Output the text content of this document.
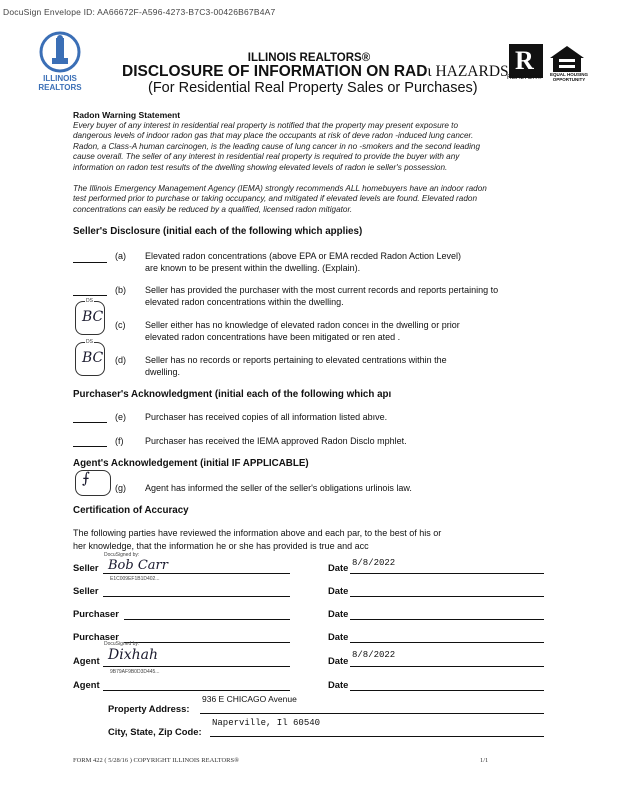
DocuSign Envelope ID: AA66672F-A596-4273-B7C3-00426B67B4A7
ILLINOIS
REALTORS
ILLINOIS REALTORS®
DISCLOSURE OF INFORMATION ON RADι HAZARDS
(For Residential Real Property Sales or Purchases)
R
REALTOR®	EQUAL HOUSING OPPORTUNITY
Radon Warning Statement
Every buyer of any interest in residential real property is notified that the property may present exposure to
dangerous levels of indoor radon gas that may place the occupants at risk of deve radon -induced lung cancer.
Radon, a Class-A human carcinogen, is the leading cause of lung cancer in no -smokers and the second leading
cause overall. The seller of any interest in residential real property is required to provide the buyer with any
information on radon test results of the dwelling showing elevated levels of radon ie seller's possession.
The Illinois Emergency Management Agency (IEMA) strongly recommends ALL homebuyers have an indoor radon
test performed prior to purchase or taking occupancy, and mitigated if elevated levels are found. Elevated radon
concentrations can easily be reduced by a qualified, licensed radon mitigator.
Seller's Disclosure (initial each of the following which applies)
(a) Elevated radon concentrations (above EPA or EMA recded Radon Action Level)
are known to be present within the dwelling. (Explain).
(b) Seller has provided the purchaser with the most current records and reports pertaining to
elevated radon concentrations within the dwelling.
DS
BC (c) Seller either has no knowledge of elevated radon conceı in the dwelling or prior
elevated radon concentrations have been mitigated or ren ated .
DS
BC (d) Seller has no records or reports pertaining to elevated centrations within the
dwelling.
Purchaser's Acknowledgment (initial each of the following which apı
(e) Purchaser has received copies of all information listed abıve.
(f) Purchaser has received the IEMA approved Radon Disclo mphlet.
Agent's Acknowledgement (initial IF APPLICABLE)
⨍
(g) Agent has informed the seller of the seller's obligations urlinois law.
Certification of Accuracy
The following parties have reviewed the information above and each par, to the best of his or
her knowledge, that the information he or she has provided is true and acc
Seller
DocuSigned by:
Bob Carr
E1C009EF1B1D402...
Date 8/8/2022
Seller	Date
Purchaser	Date
Purchaser	Date
Agent
DocuSigned by:
Dixhah
9B79AF9B0D3D445...
Date 8/8/2022
Agent	Date
Property Address:
936 E CHICAGO Avenue
City, State, Zip Code:
Naperville, Il 60540
FORM 422 ( 5/28/16 ) COPYRIGHT ILLINOIS REALTORS®	1/1
